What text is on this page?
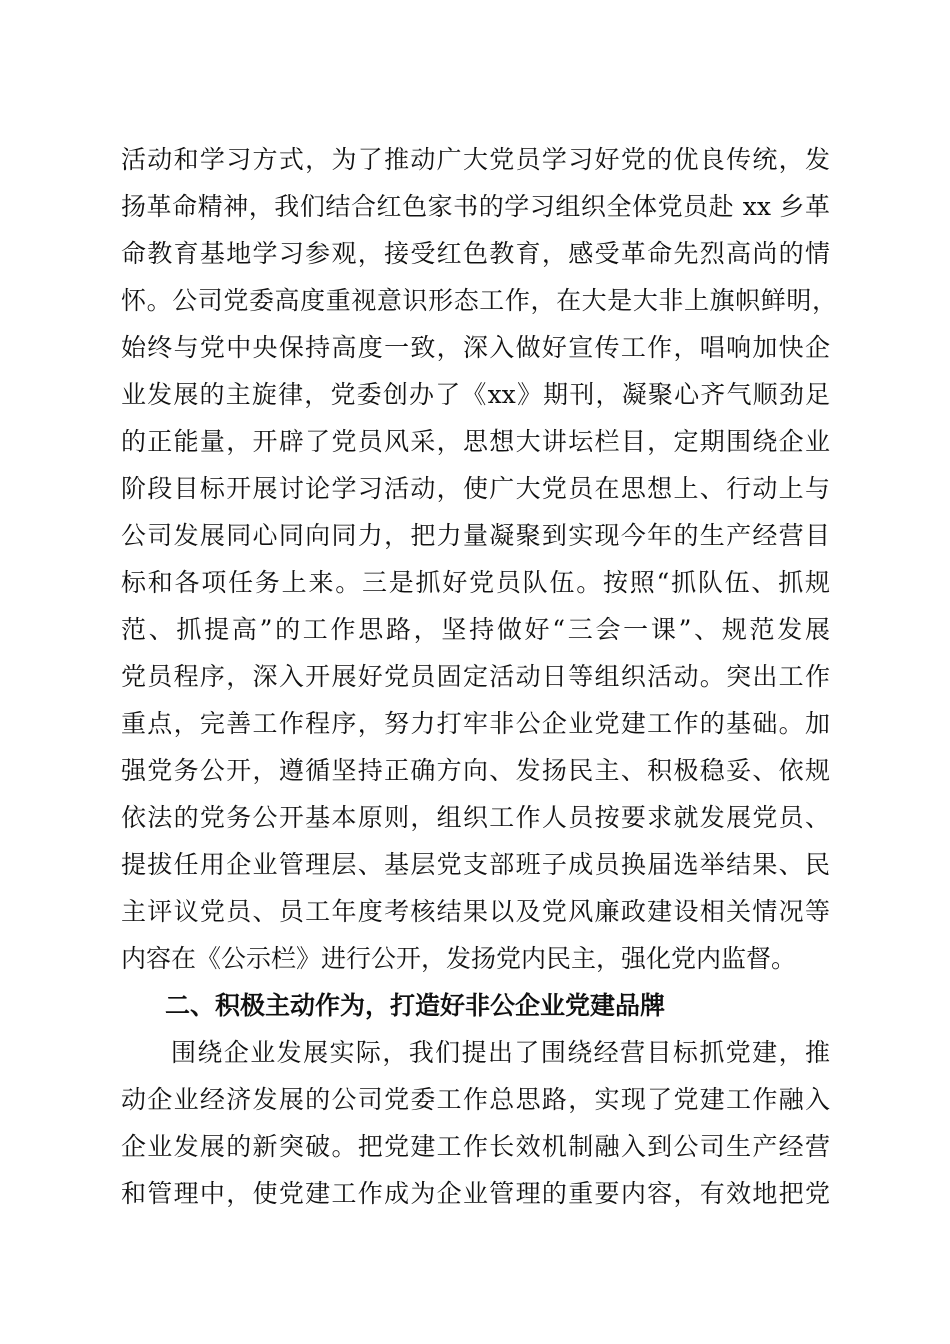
活动和学习方式，为了推动广大党员学习好党的优良传统，发
扬革命精神，我们结合红色家书的学习组织全体党员赴 xx 乡革
命教育基地学习参观，接受红色教育，感受革命先烈高尚的情
怀。公司党委高度重视意识形态工作，在大是大非上旗帜鲜明，
始终与党中央保持高度一致，深入做好宣传工作，唱响加快企
业发展的主旋律，党委创办了《xx》期刊，凝聚心齐气顺劲足
的正能量，开辟了党员风采，思想大讲坛栏目，定期围绕企业
阶段目标开展讨论学习活动，使广大党员在思想上、行动上与
公司发展同心同向同力，把力量凝聚到实现今年的生产经营目
标和各项任务上来。三是抓好党员队伍。按照“抓队伍、抓规
范、抓提高”的工作思路，坚持做好“三会一课”、规范发展
党员程序，深入开展好党员固定活动日等组织活动。突出工作
重点，完善工作程序，努力打牢非公企业党建工作的基础。加
强党务公开，遵循坚持正确方向、发扬民主、积极稳妥、依规
依法的党务公开基本原则，组织工作人员按要求就发展党员、
提拔任用企业管理层、基层党支部班子成员换届选举结果、民
主评议党员、员工年度考核结果以及党风廉政建设相关情况等
内容在《公示栏》进行公开，发扬党内民主，强化党内监督。
二、积极主动作为，打造好非公企业党建品牌
围绕企业发展实际，我们提出了围绕经营目标抓党建，推
动企业经济发展的公司党委工作总思路，实现了党建工作融入
企业发展的新突破。把党建工作长效机制融入到公司生产经营
和管理中，使党建工作成为企业管理的重要内容，有效地把党
